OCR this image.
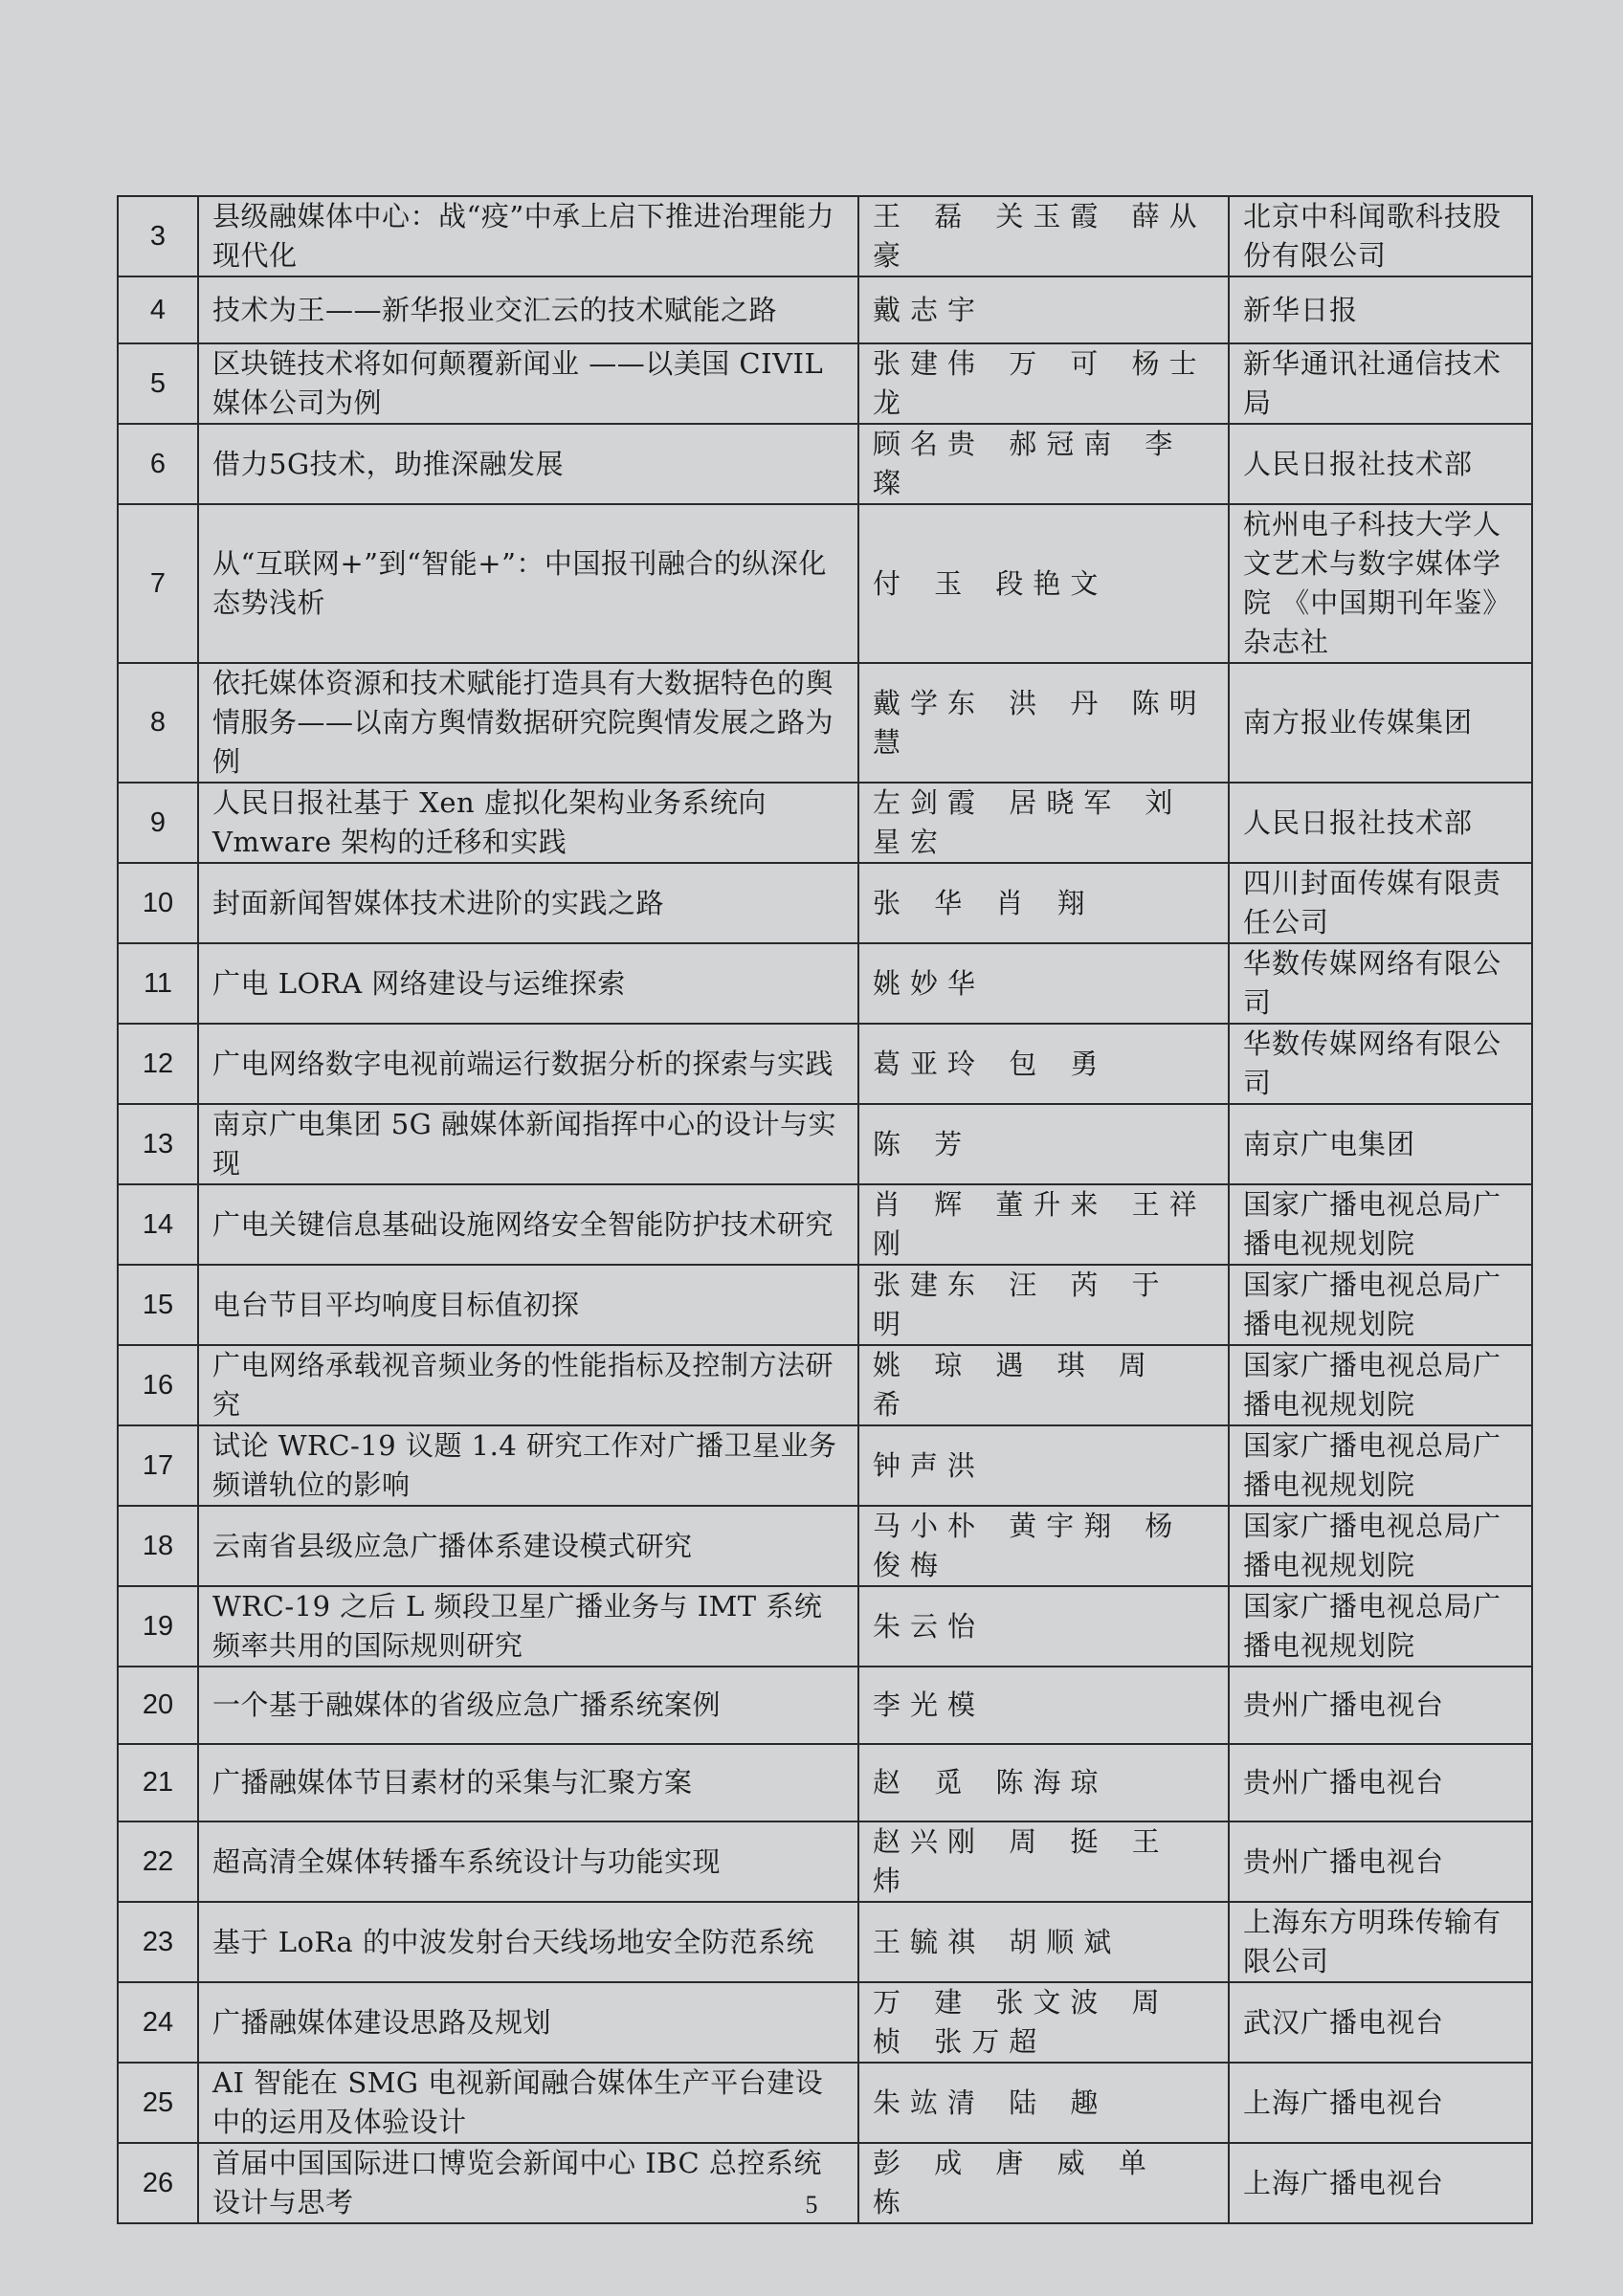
3	县级融媒体中心：战“疫”中承上启下推进治理能力现代化	王 磊 关玉霞 薛从豪	北京中科闻歌科技股份有限公司
4	技术为王——新华报业交汇云的技术赋能之路	戴志宇	新华日报
5	区块链技术将如何颠覆新闻业 ——以美国 CIVIL 媒体公司为例	张建伟 万 可 杨士龙	新华通讯社通信技术局
6	借力5G技术，助推深融发展	顾名贵 郝冠南 李 璨	人民日报社技术部
7	从“互联网+”到“智能+”：中国报刊融合的纵深化态势浅析	付 玉 段艳文	杭州电子科技大学人文艺术与数字媒体学院 《中国期刊年鉴》杂志社
8	依托媒体资源和技术赋能打造具有大数据特色的舆情服务——以南方舆情数据研究院舆情发展之路为例	戴学东 洪 丹 陈明慧	南方报业传媒集团
9	人民日报社基于 Xen 虚拟化架构业务系统向 Vmware 架构的迁移和实践	左剑霞 居晓军 刘星宏	人民日报社技术部
10	封面新闻智媒体技术进阶的实践之路	张 华 肖 翔	四川封面传媒有限责任公司
11	广电 LORA 网络建设与运维探索	姚妙华	华数传媒网络有限公司
12	广电网络数字电视前端运行数据分析的探索与实践	葛亚玲 包 勇	华数传媒网络有限公司
13	南京广电集团 5G 融媒体新闻指挥中心的设计与实现	陈 芳	南京广电集团
14	广电关键信息基础设施网络安全智能防护技术研究	肖 辉 董升来 王祥刚	国家广播电视总局广播电视规划院
15	电台节目平均响度目标值初探	张建东 汪 芮 于 明	国家广播电视总局广播电视规划院
16	广电网络承载视音频业务的性能指标及控制方法研究	姚 琼 遇 琪 周 希	国家广播电视总局广播电视规划院
17	试论 WRC-19 议题 1.4 研究工作对广播卫星业务频谱轨位的影响	钟声洪	国家广播电视总局广播电视规划院
18	云南省县级应急广播体系建设模式研究	马小朴 黄宇翔 杨俊梅	国家广播电视总局广播电视规划院
19	WRC-19 之后 L 频段卫星广播业务与 IMT 系统频率共用的国际规则研究	朱云怡	国家广播电视总局广播电视规划院
20	一个基于融媒体的省级应急广播系统案例	李光模	贵州广播电视台
21	广播融媒体节目素材的采集与汇聚方案	赵 觅 陈海琼	贵州广播电视台
22	超高清全媒体转播车系统设计与功能实现	赵兴刚 周 挺 王 炜	贵州广播电视台
23	基于 LoRa 的中波发射台天线场地安全防范系统	王毓祺 胡顺斌	上海东方明珠传输有限公司
24	广播融媒体建设思路及规划	万 建 张文波 周 桢 张万超	武汉广播电视台
25	AI 智能在 SMG 电视新闻融合媒体生产平台建设中的运用及体验设计	朱竑清 陆 趣	上海广播电视台
26	首届中国国际进口博览会新闻中心 IBC 总控系统设计与思考	彭 成 唐 威 单 栋	上海广播电视台
5
